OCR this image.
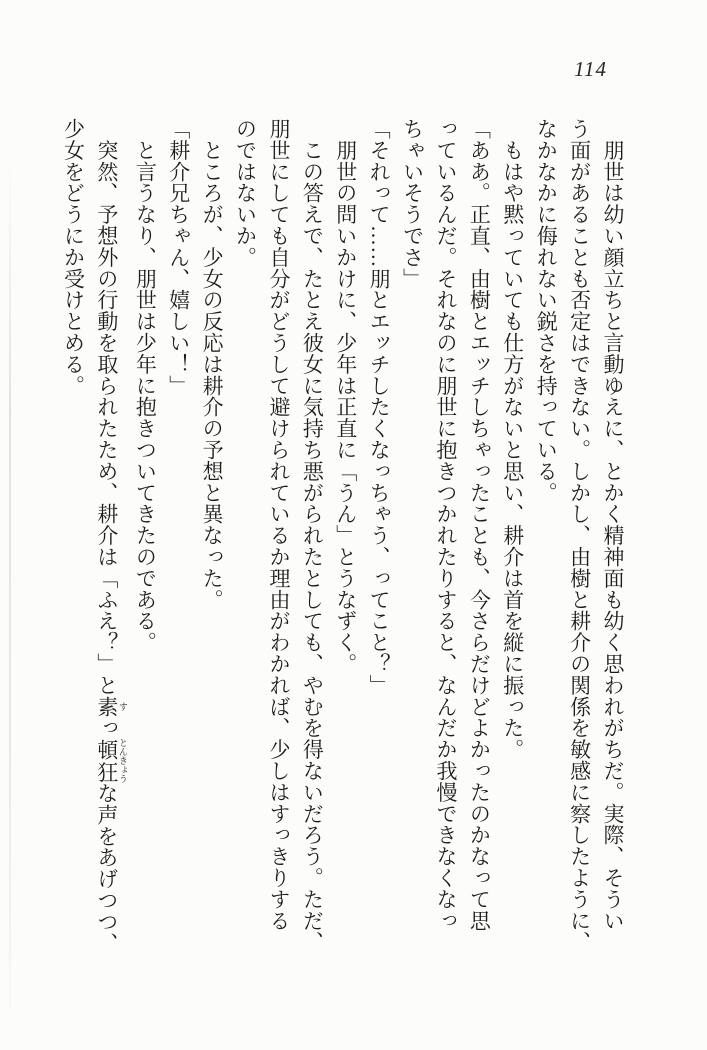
114

　朋世は幼い顔立ちと言動ゆえに、とかく精神面も幼く思われがちだ。実際、そうい

う面があることも否定はできない。しかし、由樹と耕介の関係を敏感に察したように、

なかなかに侮れない鋭さを持っている。

　もはや黙っていても仕方がないと思い、耕介は首を縦に振った。

「ああ。正直、由樹とエッチしちゃったことも、今さらだけどよかったのかなって思

っているんだ。それなのに朋世に抱きつかれたりすると、なんだか我慢できなくなっ

ちゃいそうでさ」

「それって……朋とエッチしたくなっちゃう、ってこと？」

　朋世の問いかけに、少年は正直に「うん」とうなずく。

　この答えで、たとえ彼女に気持ち悪がられたとしても、やむを得ないだろう。ただ、

朋世にしても自分がどうして避けられているか理由がわかれば、少しはすっきりする

のではないか。

　ところが、少女の反応は耕介の予想と異なった。

「耕介兄ちゃん、嬉しい！」

　と言うなり、朋世は少年に抱きついてきたのである。

　突然、予想外の行動を取られたため、耕介は「ふえ？」と素 すっ頓狂 とんきょうな声をあげつつ、

少女をどうにか受けとめる。
